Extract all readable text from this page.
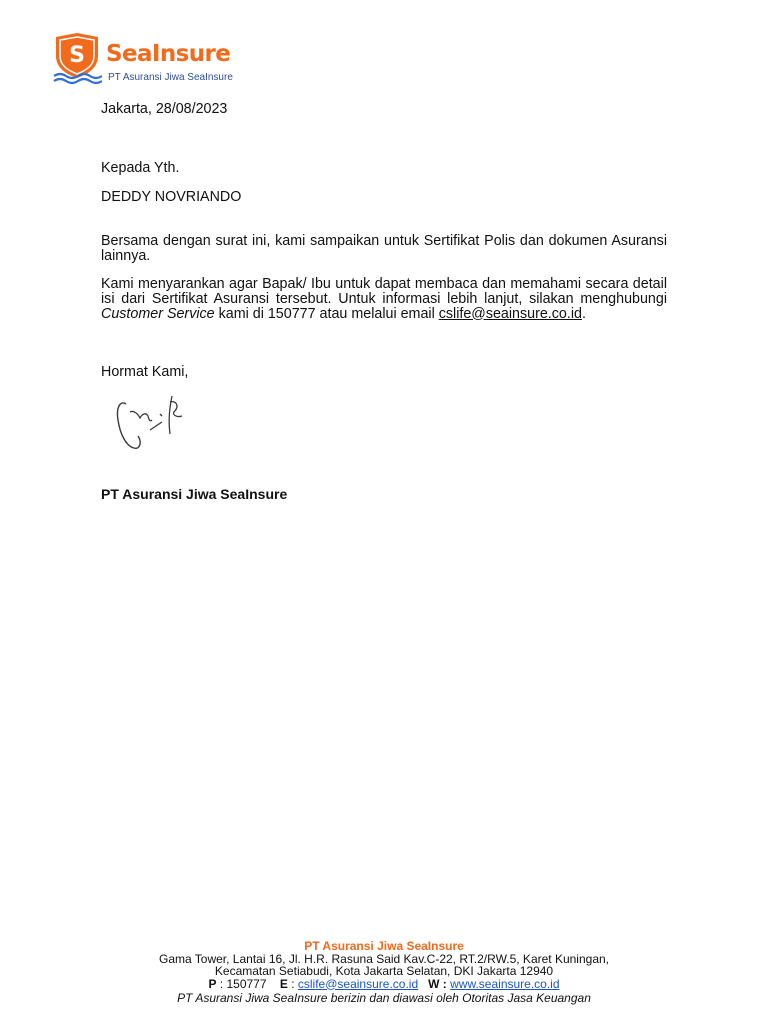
S SeaInsure
PT Asuransi Jiwa SeaInsure
Jakarta, 28/08/2023
Kepada Yth.
DEDDY NOVRIANDO
Bersama dengan surat ini, kami sampaikan untuk Sertifikat Polis dan dokumen Asuransi lainnya.
Kami menyarankan agar Bapak/ Ibu untuk dapat membaca dan memahami secara detail isi dari Sertifikat Asuransi tersebut. Untuk informasi lebih lanjut, silakan menghubungi Customer Service kami di 150777 atau melalui email cslife@seainsure.co.id.
Hormat Kami,
PT Asuransi Jiwa SeaInsure
PT Asuransi Jiwa SeaInsure
Gama Tower, Lantai 16, Jl. H.R. Rasuna Said Kav.C-22, RT.2/RW.5, Karet Kuningan,
Kecamatan Setiabudi, Kota Jakarta Selatan, DKI Jakarta 12940
P : 150777 E : cslife@seainsure.co.id W : www.seainsure.co.id
PT Asuransi Jiwa SeaInsure berizin dan diawasi oleh Otoritas Jasa Keuangan
